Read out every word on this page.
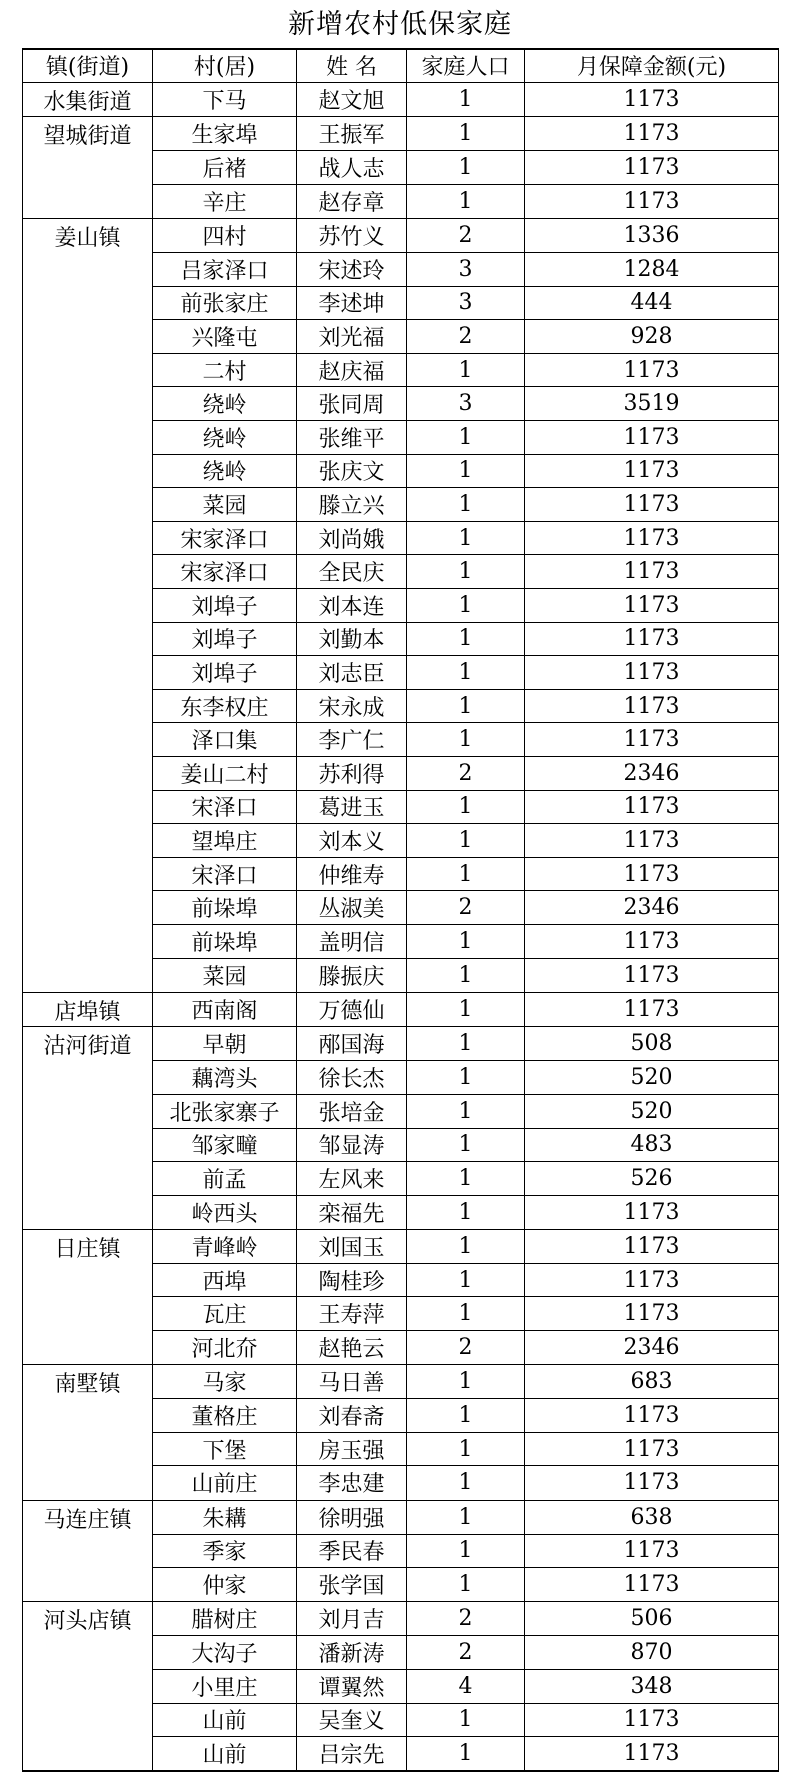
新增农村低保家庭
镇(街道)	村(居)	姓 名	家庭人口	月保障金额(元)
水集街道	下马	赵文旭	1	1173
望城街道	生家埠	王振军	1	1173
	后褚	战人志	1	1173
	辛庄	赵存章	1	1173
姜山镇	四村	苏竹义	2	1336
	吕家泽口	宋述玲	3	1284
	前张家庄	李述坤	3	444
	兴隆屯	刘光福	2	928
	二村	赵庆福	1	1173
	绕岭	张同周	3	3519
	绕岭	张维平	1	1173
	绕岭	张庆文	1	1173
	菜园	滕立兴	1	1173
	宋家泽口	刘尚娥	1	1173
	宋家泽口	全民庆	1	1173
	刘埠子	刘本连	1	1173
	刘埠子	刘勤本	1	1173
	刘埠子	刘志臣	1	1173
	东李权庄	宋永成	1	1173
	泽口集	李广仁	1	1173
	姜山二村	苏利得	2	2346
	宋泽口	葛进玉	1	1173
	望埠庄	刘本义	1	1173
	宋泽口	仲维寿	1	1173
	前垛埠	丛淑美	2	2346
	前垛埠	盖明信	1	1173
	菜园	滕振庆	1	1173
店埠镇	西南阁	万德仙	1	1173
沽河街道	早朝	邴国海	1	508
	藕湾头	徐长杰	1	520
	北张家寨子	张培金	1	520
	邹家疃	邹显涛	1	483
	前孟	左风来	1	526
	岭西头	栾福先	1	1173
日庄镇	青峰岭	刘国玉	1	1173
	西埠	陶桂珍	1	1173
	瓦庄	王寿萍	1	1173
	河北夼	赵艳云	2	2346
南墅镇	马家	马日善	1	683
	董格庄	刘春斋	1	1173
	下堡	房玉强	1	1173
	山前庄	李忠建	1	1173
马连庄镇	朱耩	徐明强	1	638
	季家	季民春	1	1173
	仲家	张学国	1	1173
河头店镇	腊树庄	刘月吉	2	506
	大沟子	潘新涛	2	870
	小里庄	谭翼然	4	348
	山前	吴奎义	1	1173
	山前	吕宗先	1	1173
